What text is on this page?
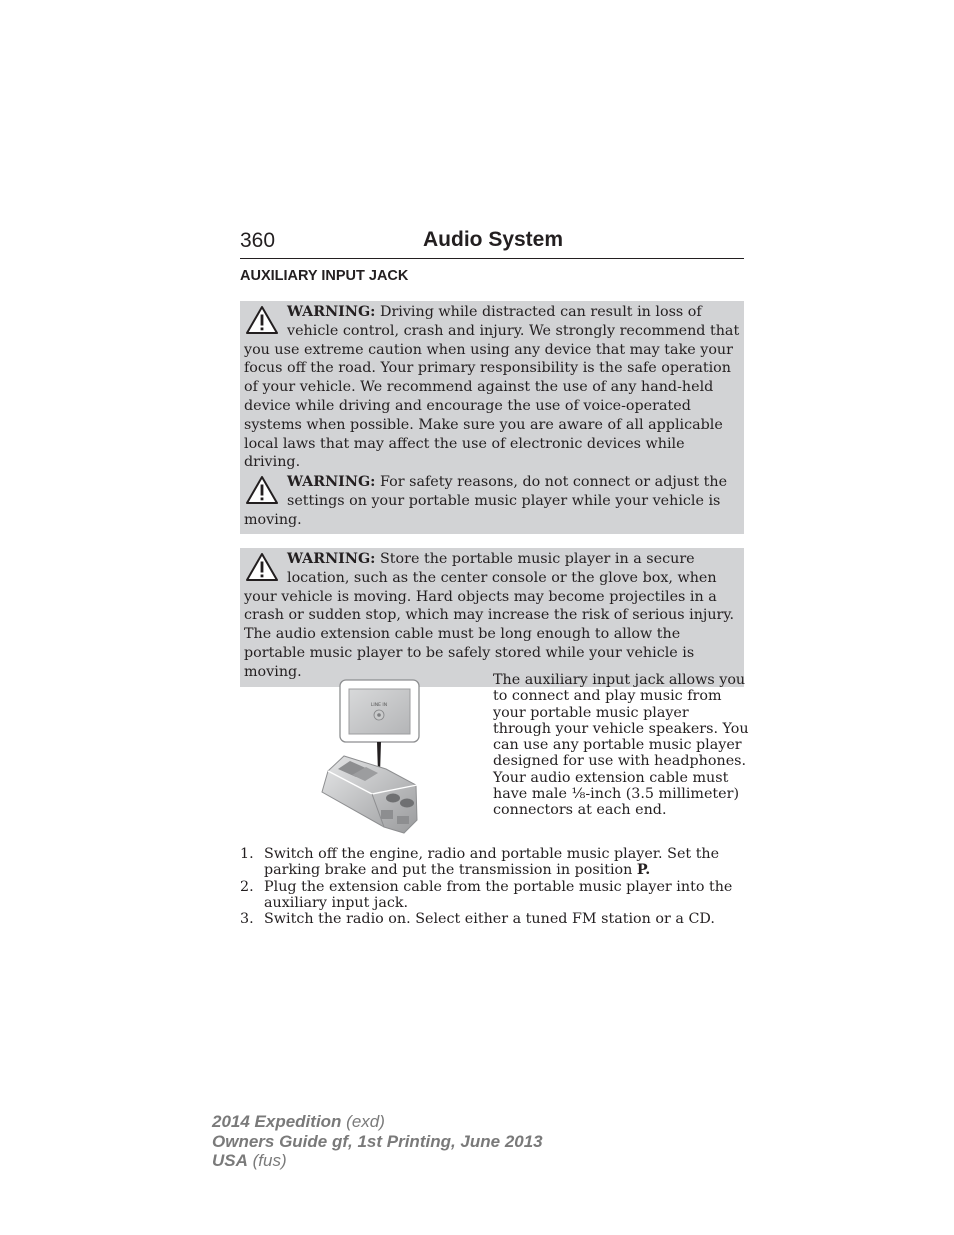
360	Audio System
AUXILIARY INPUT JACK
WARNING: Driving while distracted can result in loss of vehicle control, crash and injury. We strongly recommend that you use extreme caution when using any device that may take your focus off the road. Your primary responsibility is the safe operation of your vehicle. We recommend against the use of any hand-held device while driving and encourage the use of voice-operated systems when possible. Make sure you are aware of all applicable local laws that may affect the use of electronic devices while driving.
WARNING: For safety reasons, do not connect or adjust the settings on your portable music player while your vehicle is moving.
WARNING: Store the portable music player in a secure location, such as the center console or the glove box, when your vehicle is moving. Hard objects may become projectiles in a crash or sudden stop, which may increase the risk of serious injury. The audio extension cable must be long enough to allow the portable music player to be safely stored while your vehicle is moving.
LINE IN
The auxiliary input jack allows you to connect and play music from your portable music player through your vehicle speakers. You can use any portable music player designed for use with headphones. Your audio extension cable must have male ⅛-inch (3.5 millimeter) connectors at each end.
1. Switch off the engine, radio and portable music player. Set the parking brake and put the transmission in position P.
2. Plug the extension cable from the portable music player into the auxiliary input jack.
3. Switch the radio on. Select either a tuned FM station or a CD.
2014 Expedition (exd)
Owners Guide gf, 1st Printing, June 2013
USA (fus)
